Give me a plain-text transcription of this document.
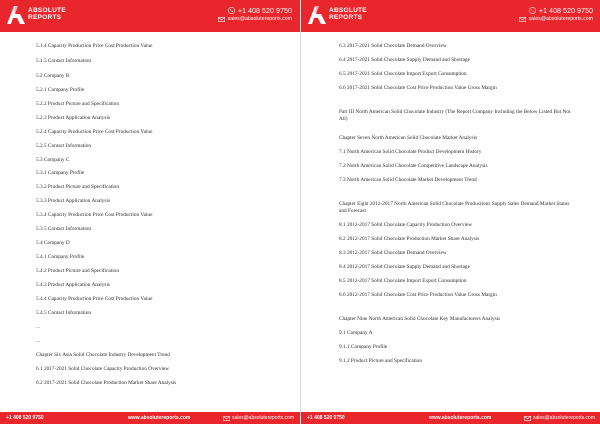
ABSOLUTE
REPORTS
+1 408 520 9750
sales@absolutereports.com
5.1.4 Capacity Production Price Cost Production Value
5.1.5 Contact Information
5.2 Company B
5.2.1 Company Profile
5.2.2 Product Picture and Specification
5.2.3 Product Application Analysis
5.2.4 Capacity Production Price Cost Production Value
5.2.5 Contact Information
5.3 Company C
5.3.1 Company Profile
5.3.2 Product Picture and Specification
5.3.3 Product Application Analysis
5.3.4 Capacity Production Price Cost Production Value
5.3.5 Contact Information
5.4 Company D
5.4.1 Company Profile
5.4.2 Product Picture and Specification
5.4.3 Product Application Analysis
5.4.4 Capacity Production Price Cost Production Value
5.4.5 Contact Information
...
...
Chapter Six Asia Solid Chocolate Industry Development Trend
6.1 2017-2021 Solid Chocolate Capacity Production Overview
6.2 2017-2021 Solid Chocolate Production Market Share Analysis
+1 408 520 9750	www.absolutereports.com	sales@absolutereports.com
ABSOLUTE
REPORTS
+1 408 520 9750
sales@absolutereports.com
6.3 2017-2021 Solid Chocolate Demand Overview
6.4 2017-2021 Solid Chocolate Supply Demand and Shortage
6.5 2017-2021 Solid Chocolate Import Export Consumption
6.6 2017-2021 Solid Chocolate Cost Price Production Value Gross Margin
Part III North American Solid Chocolate Industry (The Report Company Including the Below Listed But Not All)
Chapter Seven North American Solid Chocolate Market Analysis
7.1 North American Solid Chocolate Product Development History
7.2 North American Solid Chocolate Competitive Landscape Analysis
7.3 North American Solid Chocolate Market Development Trend
Chapter Eight 2012-2017 North American Solid Chocolate Productions Supply Sales Demand Market Status and Forecast
8.1 2012-2017 Solid Chocolate Capacity Production Overview
8.2 2012-2017 Solid Chocolate Production Market Share Analysis
8.3 2012-2017 Solid Chocolate Demand Overview
8.4 2012-2017 Solid Chocolate Supply Demand and Shortage
8.5 2012-2017 Solid Chocolate Import Export Consumption
8.6 2012-2017 Solid Chocolate Cost Price Production Value Gross Margin
Chapter Nine North American Solid Chocolate Key Manufacturers Analysis
9.1 Company A
9.1.1 Company Profile
9.1.2 Product Picture and Specification
+1 408 520 9750	www.absolutereports.com	sales@absolutereports.com
